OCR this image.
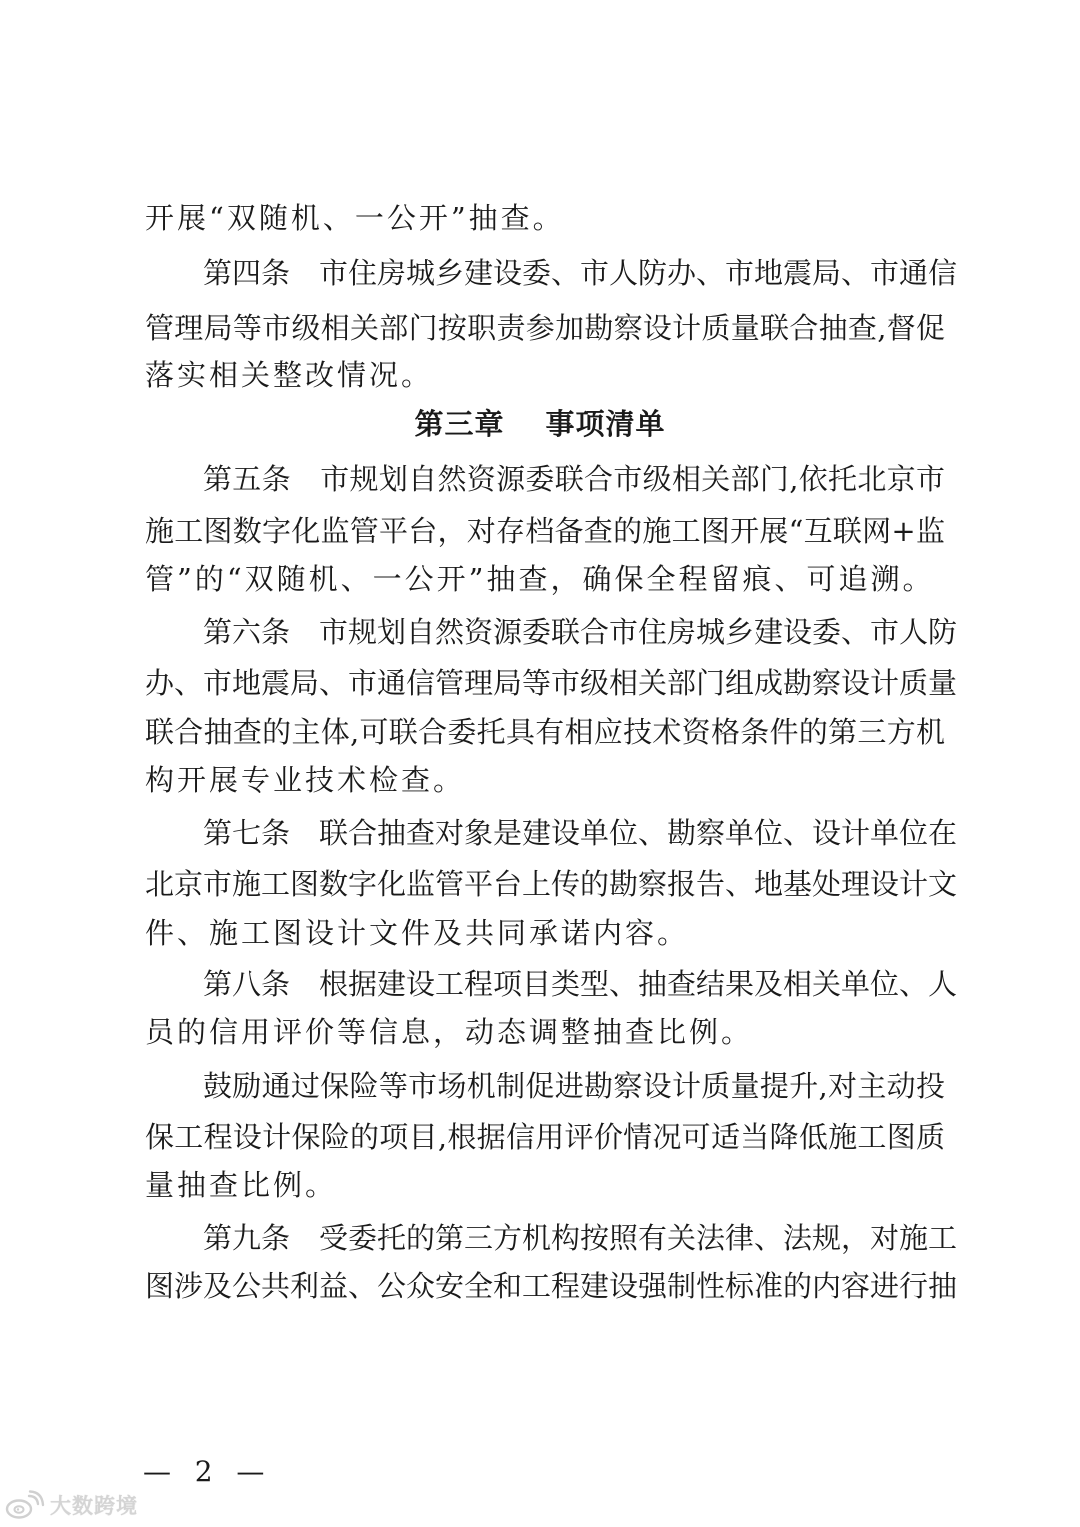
开展“双随机、一公开”抽查。

第四条　市住房城乡建设委、市人防办、市地震局、市通信

管理局等市级相关部门按职责参加勘察设计质量联合抽查,督促

落实相关整改情况。

第三章　 事项清单

第五条　市规划自然资源委联合市级相关部门,依托北京市

施工图数字化监管平台，对存档备查的施工图开展“互联网+监

管”的“双随机、一公开”抽查，确保全程留痕、可追溯。

第六条　市规划自然资源委联合市住房城乡建设委、市人防

办、市地震局、市通信管理局等市级相关部门组成勘察设计质量

联合抽查的主体,可联合委托具有相应技术资格条件的第三方机

构开展专业技术检查。

第七条　联合抽查对象是建设单位、勘察单位、设计单位在

北京市施工图数字化监管平台上传的勘察报告、地基处理设计文

件、施工图设计文件及共同承诺内容。

第八条　根据建设工程项目类型、抽查结果及相关单位、人

员的信用评价等信息，动态调整抽查比例。

鼓励通过保险等市场机制促进勘察设计质量提升,对主动投

保工程设计保险的项目,根据信用评价情况可适当降低施工图质

量抽查比例。

第九条　受委托的第三方机构按照有关法律、法规，对施工

图涉及公共利益、公众安全和工程建设强制性标准的内容进行抽

—  2  —
大数跨境
